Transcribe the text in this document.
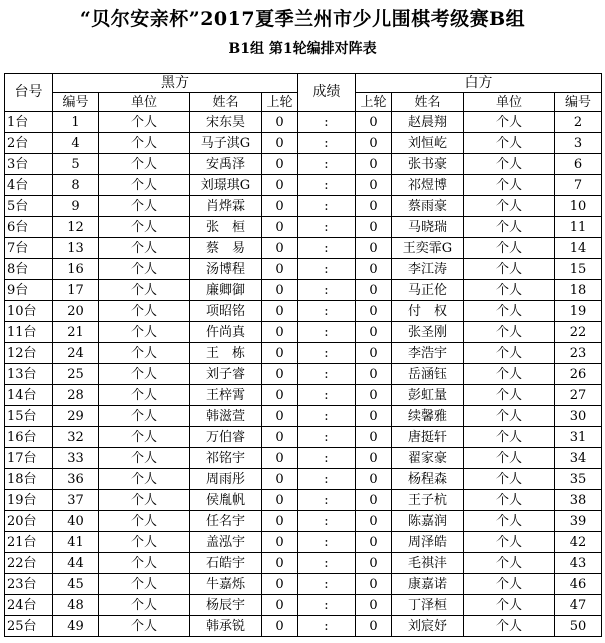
“贝尔安亲杯”2017夏季兰州市少儿围棋考级赛B组
B1组 第1轮编排对阵表
台号	黑方				成绩	白方			
	编号	单位	姓名	上轮		上轮	姓名	单位	编号
1台	1	个人	宋东昊	0	:	0	赵晨翔	个人	2
2台	4	个人	马子淇G	0	:	0	刘恒屹	个人	3
3台	5	个人	安禹泽	0	:	0	张书豪	个人	6
4台	8	个人	刘璟琪G	0	:	0	祁煜博	个人	7
5台	9	个人	肖烨霖	0	:	0	蔡雨豪	个人	10
6台	12	个人	张　桓	0	:	0	马晓瑞	个人	11
7台	13	个人	蔡　易	0	:	0	王奕霏G	个人	14
8台	16	个人	汤博程	0	:	0	李江涛	个人	15
9台	17	个人	廉卿御	0	:	0	马正伦	个人	18
10台	20	个人	项昭铭	0	:	0	付　权	个人	19
11台	21	个人	仵尚真	0	:	0	张圣刚	个人	22
12台	24	个人	王　栋	0	:	0	李浩宇	个人	23
13台	25	个人	刘子睿	0	:	0	岳涵钰	个人	26
14台	28	个人	王梓霄	0	:	0	彭虹量	个人	27
15台	29	个人	韩滋萱	0	:	0	续馨雅	个人	30
16台	32	个人	万伯睿	0	:	0	唐挺轩	个人	31
17台	33	个人	祁铭宇	0	:	0	翟家豪	个人	34
18台	36	个人	周雨彤	0	:	0	杨程森	个人	35
19台	37	个人	侯胤帆	0	:	0	王子杭	个人	38
20台	40	个人	任名宇	0	:	0	陈嘉润	个人	39
21台	41	个人	盖泓宇	0	:	0	周泽皓	个人	42
22台	44	个人	石皓宇	0	:	0	毛祺沣	个人	43
23台	45	个人	牛嘉烁	0	:	0	康嘉诺	个人	46
24台	48	个人	杨辰宇	0	:	0	丁泽桓	个人	47
25台	49	个人	韩承锐	0	:	0	刘宸妤	个人	50
